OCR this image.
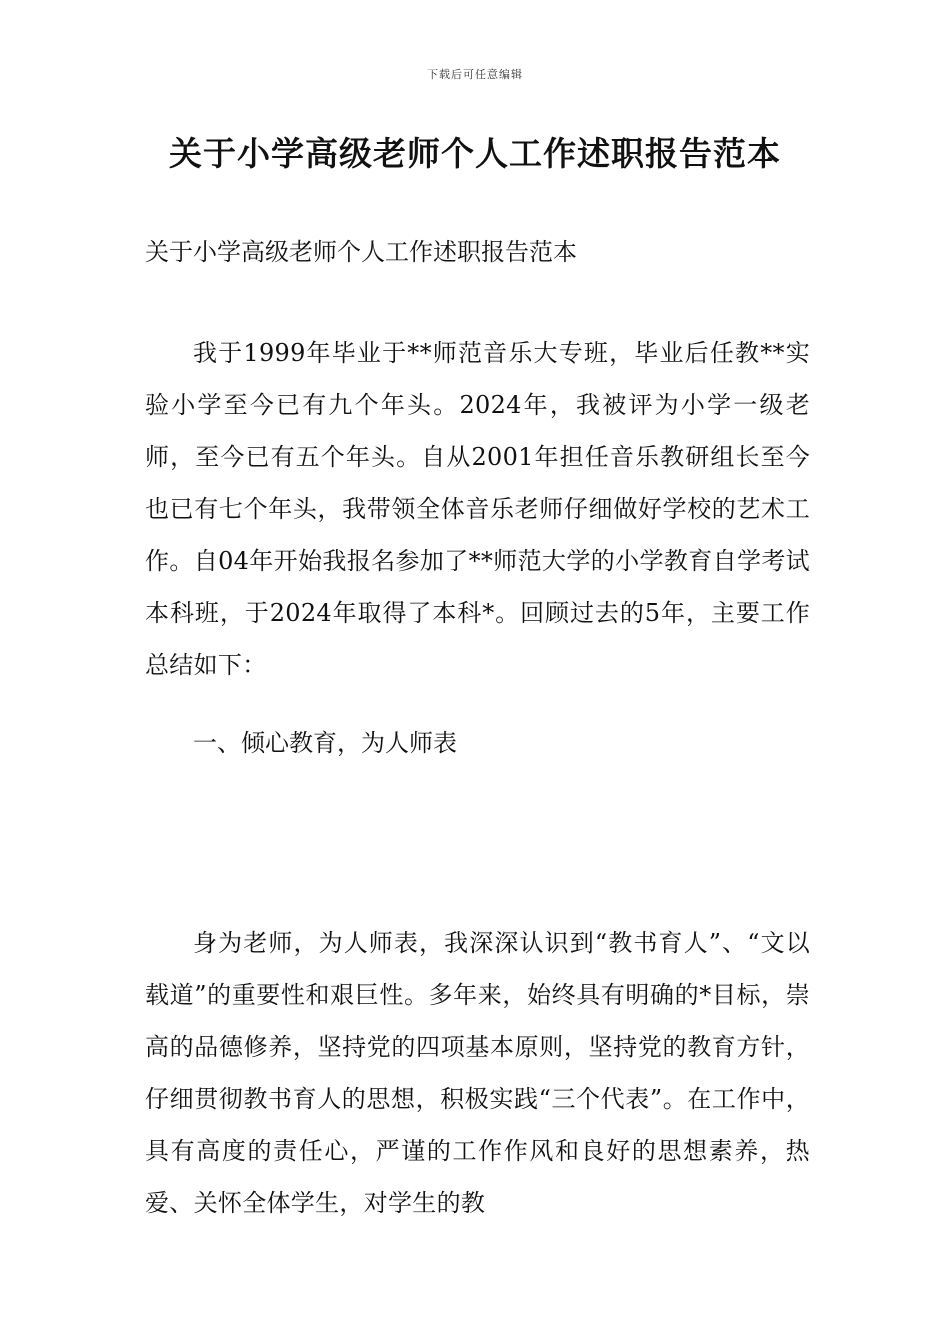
下载后可任意编辑
关于小学高级老师个人工作述职报告范本

关于小学高级老师个人工作述职报告范本

我于1999年毕业于**师范音乐大专班，毕业后任教**实验小学至今已有九个年头。2024年，我被评为小学一级老师，至今已有五个年头。自从2001年担任音乐教研组长至今也已有七个年头，我带领全体音乐老师仔细做好学校的艺术工作。自04年开始我报名参加了**师范大学的小学教育自学考试本科班，于2024年取得了本科*。回顾过去的5年，主要工作总结如下：

一、倾心教育，为人师表

身为老师，为人师表，我深深认识到“教书育人”、“文以载道”的重要性和艰巨性。多年来，始终具有明确的*目标，崇高的品德修养，坚持党的四项基本原则，坚持党的教育方针，仔细贯彻教书育人的思想，积极实践“三个代表”。在工作中，具有高度的责任心，严谨的工作作风和良好的思想素养，热爱、关怀全体学生，对学生的教
